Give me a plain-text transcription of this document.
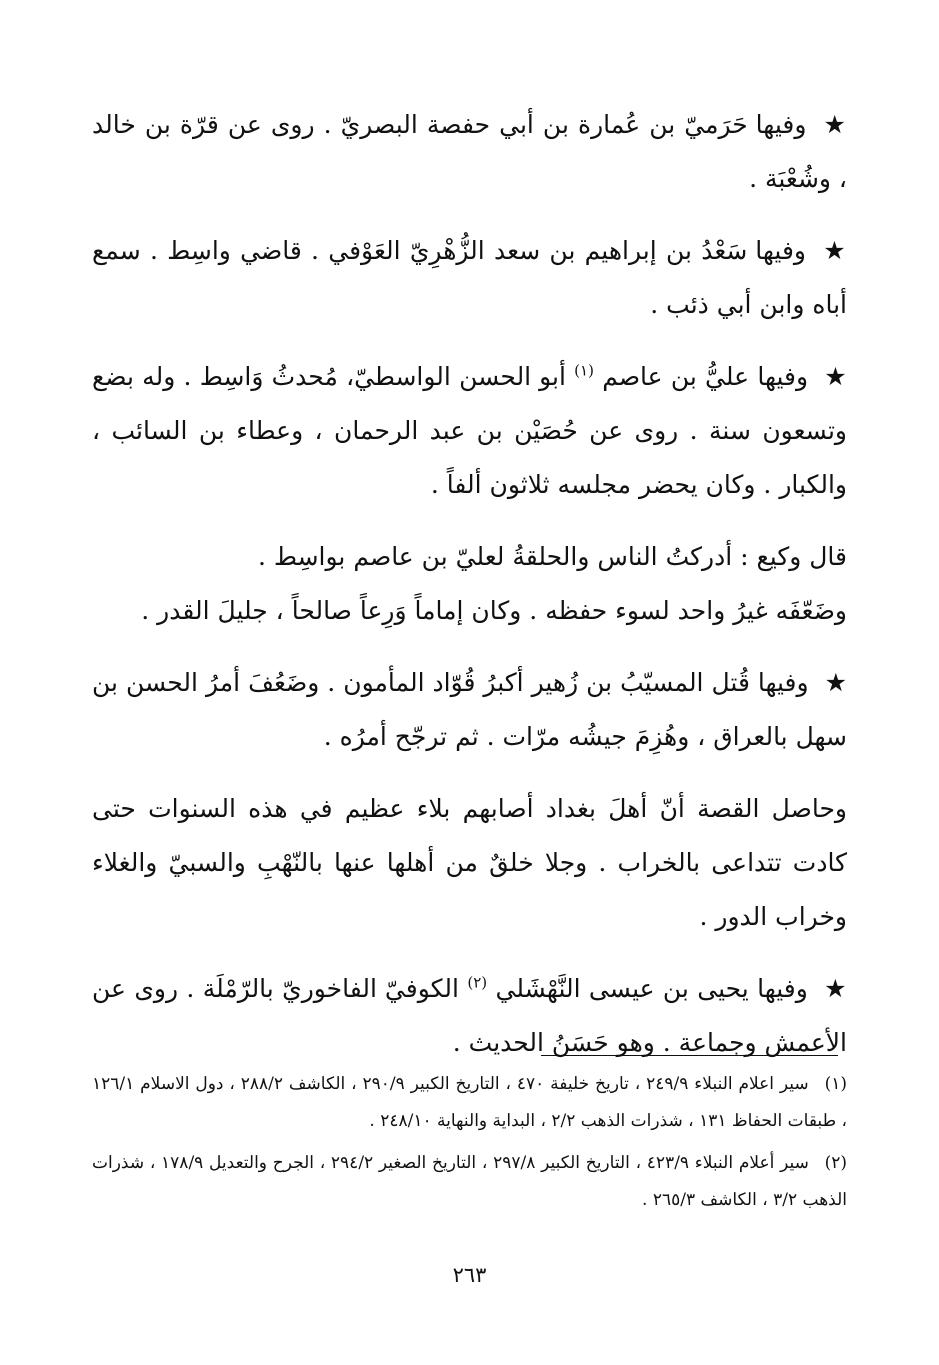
★ وفيها حَرَميّ بن عُمارة بن أبي حفصة البصريّ . روى عن قرّة بن خالد ، وشُعْبَة .

★ وفيها سَعْدُ بن إبراهيم بن سعد الزُّهْرِيّ العَوْفي . قاضي واسِط . سمع أباه وابن أبي ذئب .

★ وفيها عليُّ بن عاصم $^{(١)}$ أبو الحسن الواسطيّ، مُحدثُ وَاسِط . وله بضع وتسعون سنة . روى عن حُصَيْن بن عبد الرحمان ، وعطاء بن السائب ، والكبار . وكان يحضر مجلسه ثلاثون ألفاً .

قال وكيع : أدركتُ الناس والحلقةُ لعليّ بن عاصم بواسِط .

وضَعّفَه غيرُ واحد لسوء حفظه . وكان إماماً وَرِعاً صالحاً ، جليلَ القدر .

★ وفيها قُتل المسيّبُ بن زُهير أكبرُ قُوّاد المأمون . وضَعُفَ أمرُ الحسن بن سهل بالعراق ، وهُزِمَ جيشُه مرّات . ثم ترجّح أمرُه .

وحاصل القصة أنّ أهلَ بغداد أصابهم بلاء عظيم في هذه السنوات حتى كادت تتداعى بالخراب . وجلا خلقٌ من أهلها عنها بالنّهْبِ والسبيّ والغلاء وخراب الدور .

★ وفيها يحيى بن عيسى النَّهْشَلي $^{(٢)}$ الكوفيّ الفاخوريّ بالرّمْلَة . روى عن الأعمش وجماعة . وهو حَسَنُ الحديث .

(١) سير اعلام النبلاء ٢٤٩/٩ ، تاريخ خليفة ٤٧٠ ، التاريخ الكبير ٢٩٠/٩ ، الكاشف ٢٨٨/٢ ، دول الاسلام ١٢٦/١ ، طبقات الحفاظ ١٣١ ، شذرات الذهب ٢/٢ ، البداية والنهاية ٢٤٨/١٠ .

(٢) سير أعلام النبلاء ٤٢٣/٩ ، التاريخ الكبير ٢٩٧/٨ ، التاريخ الصغير ٢٩٤/٢ ، الجرح والتعديل ١٧٨/٩ ، شذرات الذهب ٣/٢ ، الكاشف ٢٦٥/٣ .

٢٦٣
